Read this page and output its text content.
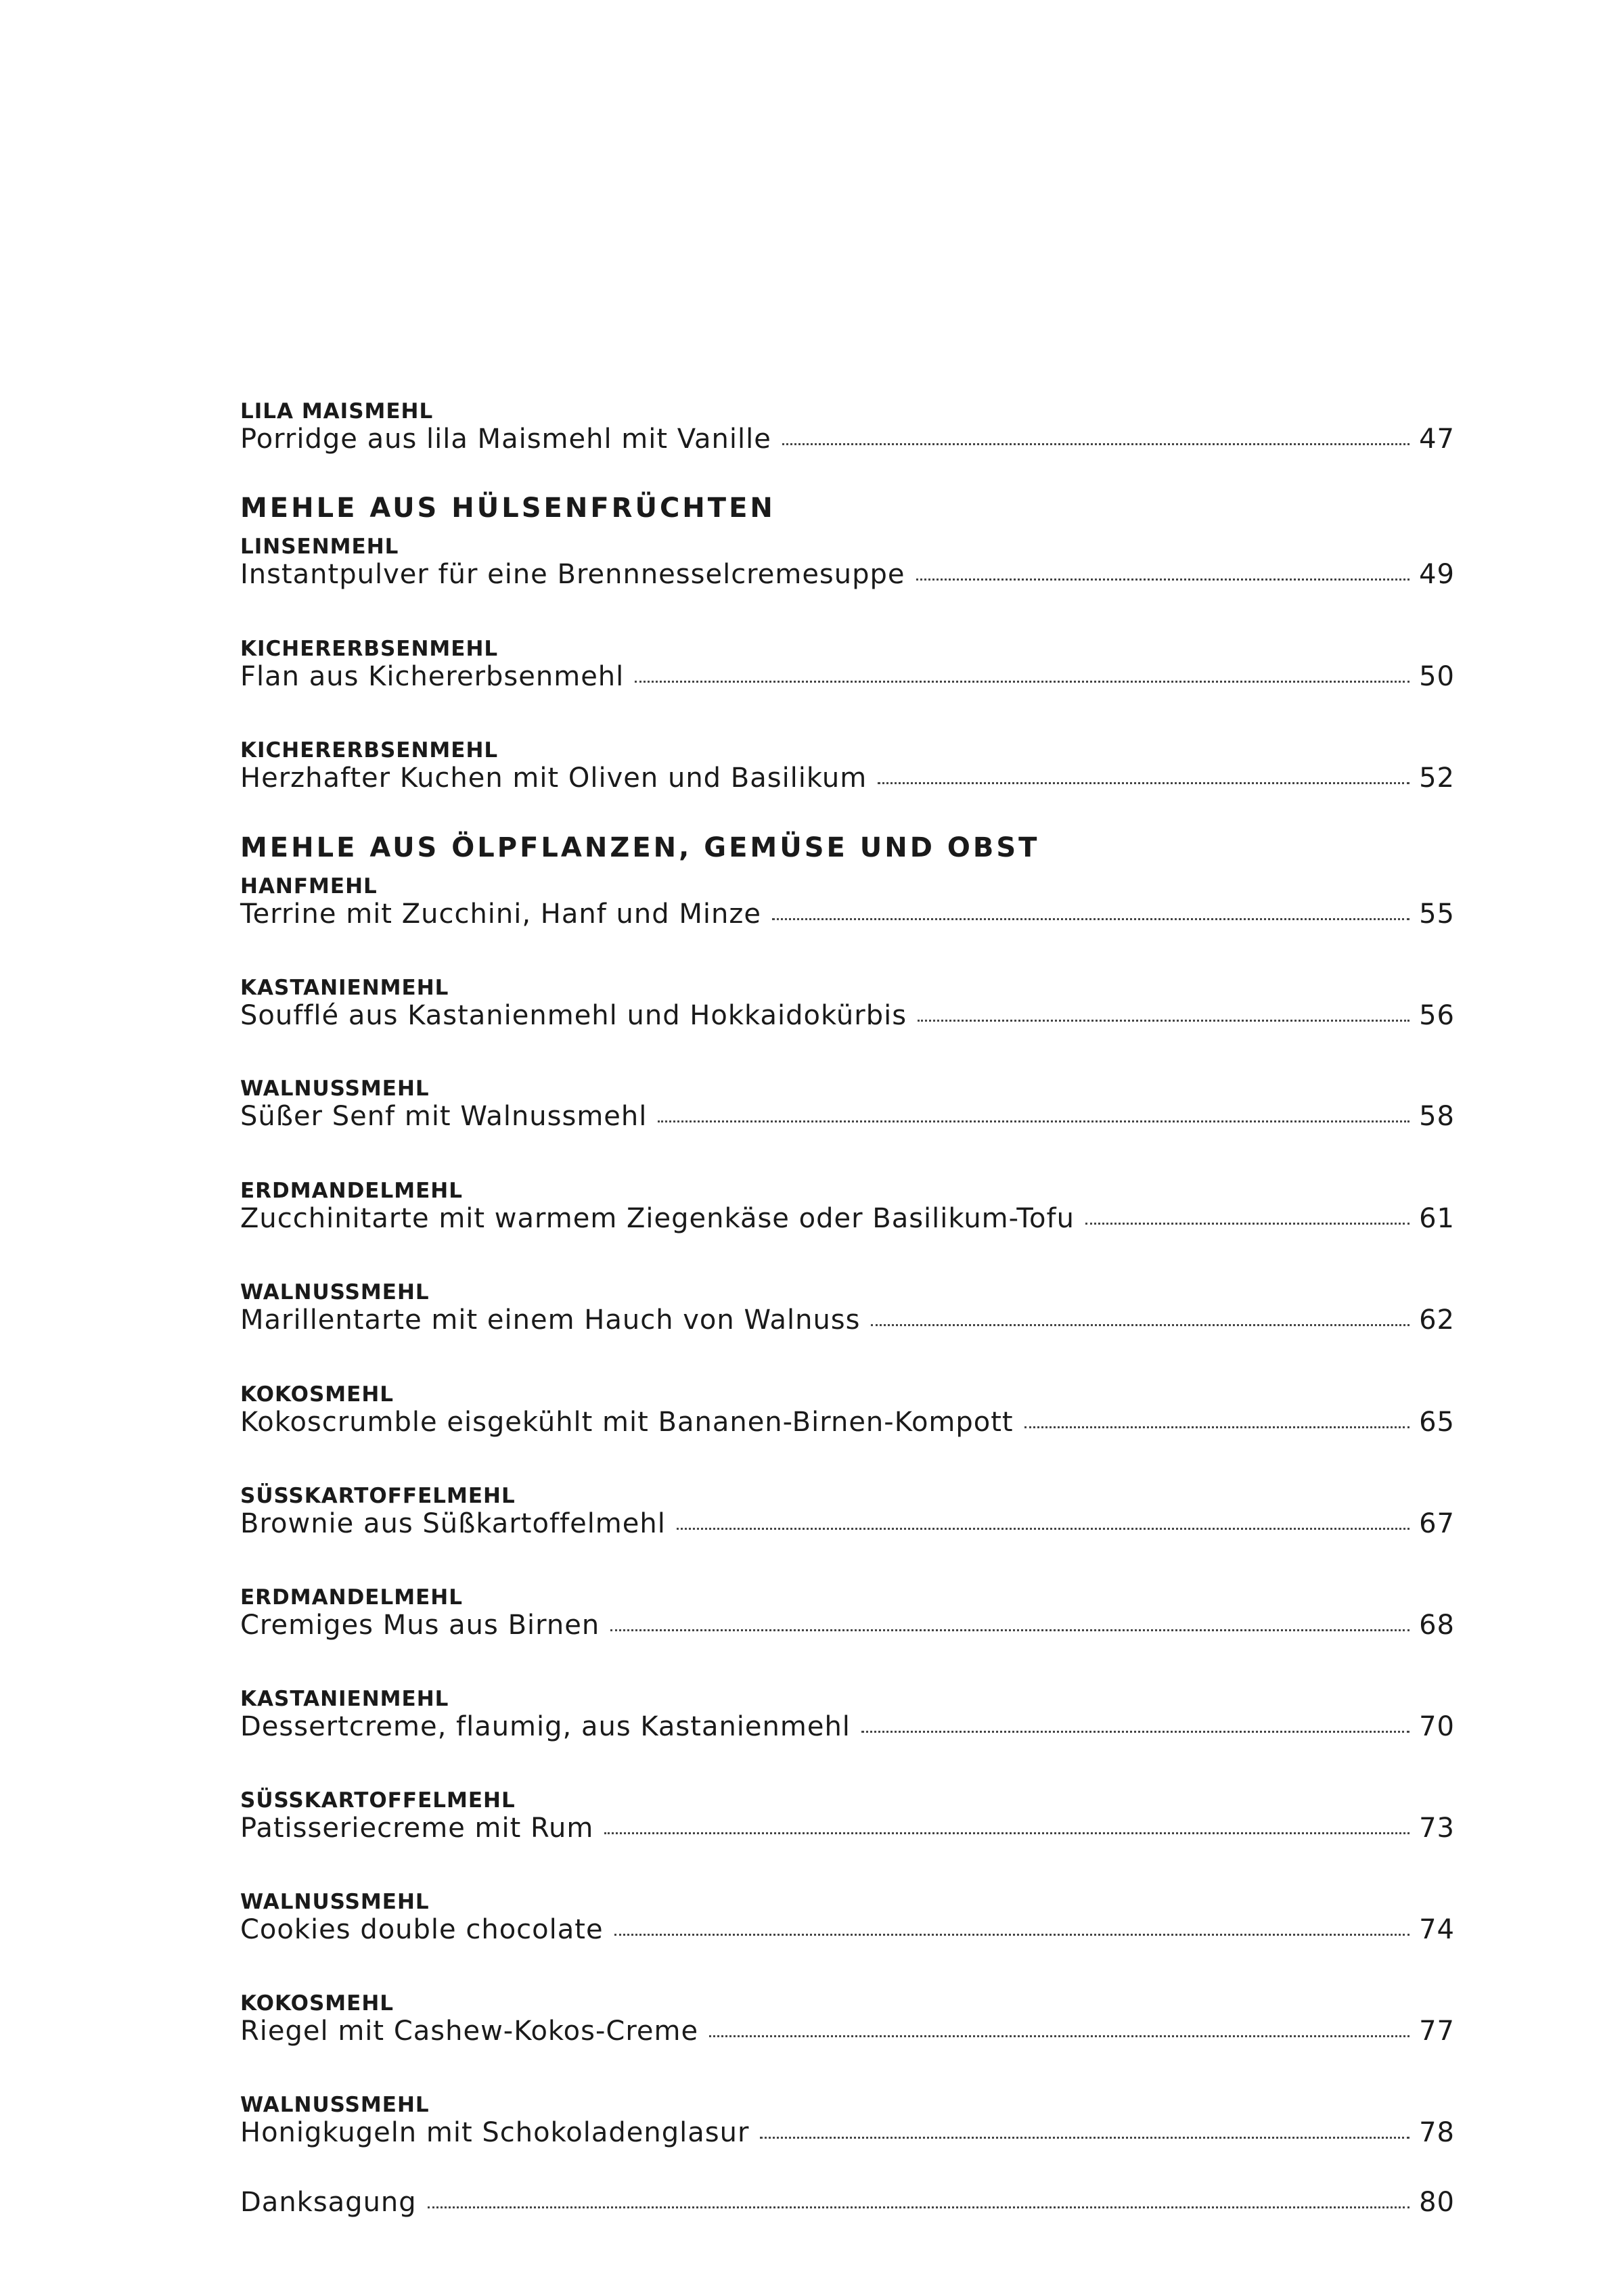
LILA MAISMEHL
Porridge aus lila Maismehl mit Vanille	47
MEHLE AUS HÜLSENFRÜCHTEN
LINSENMEHL
Instantpulver für eine Brennnesselcremesuppe	49
KICHERERBSENMEHL
Flan aus Kichererbsenmehl	50
KICHERERBSENMEHL
Herzhafter Kuchen mit Oliven und Basilikum	52
MEHLE AUS ÖLPFLANZEN, GEMÜSE UND OBST
HANFMEHL
Terrine mit Zucchini, Hanf und Minze	55
KASTANIENMEHL
Soufflé aus Kastanienmehl und Hokkaidokürbis	56
WALNUSSMEHL
Süßer Senf mit Walnussmehl	58
ERDMANDELMEHL
Zucchinitarte mit warmem Ziegenkäse oder Basilikum-Tofu	61
WALNUSSMEHL
Marillentarte mit einem Hauch von Walnuss	62
KOKOSMEHL
Kokoscrumble eisgekühlt mit Bananen-Birnen-Kompott	65
SÜSSKARTOFFELMEHL
Brownie aus Süßkartoffelmehl	67
ERDMANDELMEHL
Cremiges Mus aus Birnen	68
KASTANIENMEHL
Dessertcreme, flaumig, aus Kastanienmehl	70
SÜSSKARTOFFELMEHL
Patisseriecreme mit Rum	73
WALNUSSMEHL
Cookies double chocolate	74
KOKOSMEHL
Riegel mit Cashew-Kokos-Creme	77
WALNUSSMEHL
Honigkugeln mit Schokoladenglasur	78
Danksagung	80
